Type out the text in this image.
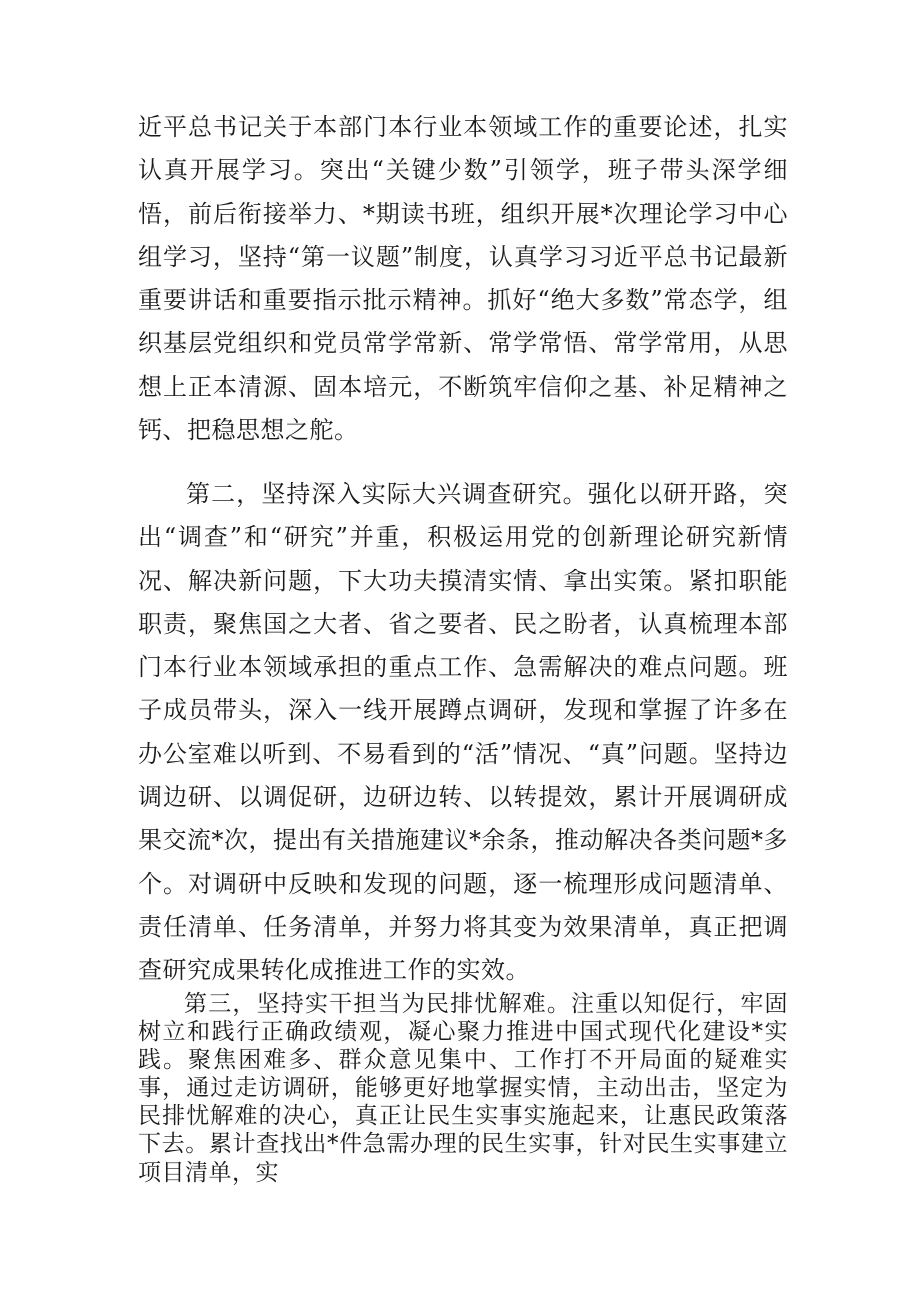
近平总书记关于本部门本行业本领域工作的重要论述，扎实认真开展学习。突出“关键少数”引领学，班子带头深学细悟，前后衔接举力、*期读书班，组织开展*次理论学习中心组学习，坚持“第一议题”制度，认真学习习近平总书记最新重要讲话和重要指示批示精神。抓好“绝大多数”常态学，组织基层党组织和党员常学常新、常学常悟、常学常用，从思想上正本清源、固本培元，不断筑牢信仰之基、补足精神之钙、把稳思想之舵。

第二，坚持深入实际大兴调查研究。强化以研开路，突出“调查”和“研究”并重，积极运用党的创新理论研究新情况、解决新问题，下大功夫摸清实情、拿出实策。紧扣职能职责，聚焦国之大者、省之要者、民之盼者，认真梳理本部门本行业本领域承担的重点工作、急需解决的难点问题。班子成员带头，深入一线开展蹲点调研，发现和掌握了许多在办公室难以听到、不易看到的“活”情况、“真”问题。坚持边调边研、以调促研，边研边转、以转提效，累计开展调研成果交流*次，提出有关措施建议*余条，推动解决各类问题*多个。对调研中反映和发现的问题，逐一梳理形成问题清单、责任清单、任务清单，并努力将其变为效果清单，真正把调查研究成果转化成推进工作的实效。

第三，坚持实干担当为民排忧解难。注重以知促行，牢固树立和践行正确政绩观，凝心聚力推进中国式现代化建设*实践。聚焦困难多、群众意见集中、工作打不开局面的疑难实事，通过走访调研，能够更好地掌握实情，主动出击，坚定为民排忧解难的决心，真正让民生实事实施起来，让惠民政策落下去。累计查找出*件急需办理的民生实事，针对民生实事建立项目清单，实
